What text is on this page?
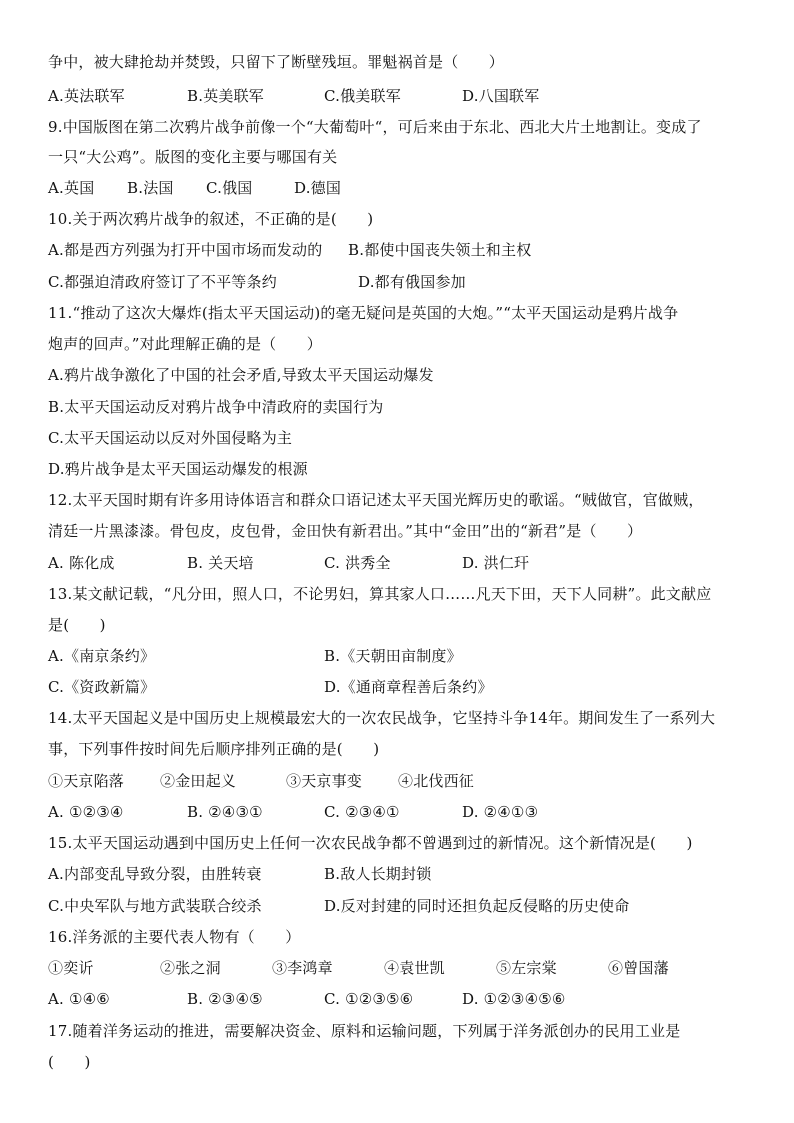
争中，被大肆抢劫并焚毁，只留下了断壁残垣。罪魁祸首是（　　）
A.英法联军	B.英美联军	C.俄美联军	D.八国联军
9.中国版图在第二次鸦片战争前像一个“大葡萄叶“，可后来由于东北、西北大片土地割让。变成了
一只“大公鸡”。版图的变化主要与哪国有关
A.英国 B.法国 C.俄国	D.德国
10.关于两次鸦片战争的叙述，不正确的是(　　)
A.都是西方列强为打开中国市场而发动的 B.都使中国丧失领土和主权
C.都强迫清政府签订了不平等条约	D.都有俄国参加
11.“推动了这次大爆炸(指太平天国运动)的毫无疑问是英国的大炮。”“太平天国运动是鸦片战争
炮声的回声。”对此理解正确的是（　　）
A.鸦片战争激化了中国的社会矛盾,导致太平天国运动爆发
B.太平天国运动反对鸦片战争中清政府的卖国行为
C.太平天国运动以反对外国侵略为主
D.鸦片战争是太平天国运动爆发的根源
12.太平天国时期有许多用诗体语言和群众口语记述太平天国光辉历史的歌谣。“贼做官，官做贼，
清廷一片黑漆漆。骨包皮，皮包骨，金田快有新君出。”其中“金田”出的“新君”是（　　）
A. 陈化成	B. 关天培	C. 洪秀全	D. 洪仁玕
13.某文献记载，“凡分田，照人口，不论男妇，算其家人口……凡天下田，天下人同耕”。此文献应
是(　　)
A.《南京条约》	B.《天朝田亩制度》
C.《资政新篇》	D.《通商章程善后条约》
14.太平天国起义是中国历史上规模最宏大的一次农民战争，它坚持斗争14年。期间发生了一系列大
事，下列事件按时间先后顺序排列正确的是(　　)
①天京陷落 ②金田起义	③天京事变 ④北伐西征
A. ①②③④	B. ②④③①	C. ②③④①	D. ②④①③
15.太平天国运动遇到中国历史上任何一次农民战争都不曾遇到过的新情况。这个新情况是(　　)
A.内部变乱导致分裂，由胜转衰	B.敌人长期封锁
C.中央军队与地方武装联合绞杀	D.反对封建的同时还担负起反侵略的历史使命
16.洋务派的主要代表人物有（　　）
①奕䜣	②张之洞	③李鸿章	④袁世凯	⑤左宗棠	⑥曾国藩
A. ①④⑥	B. ②③④⑤	C. ①②③⑤⑥	D. ①②③④⑤⑥
17.随着洋务运动的推进，需要解决资金、原料和运输问题，下列属于洋务派创办的民用工业是
(　　)
